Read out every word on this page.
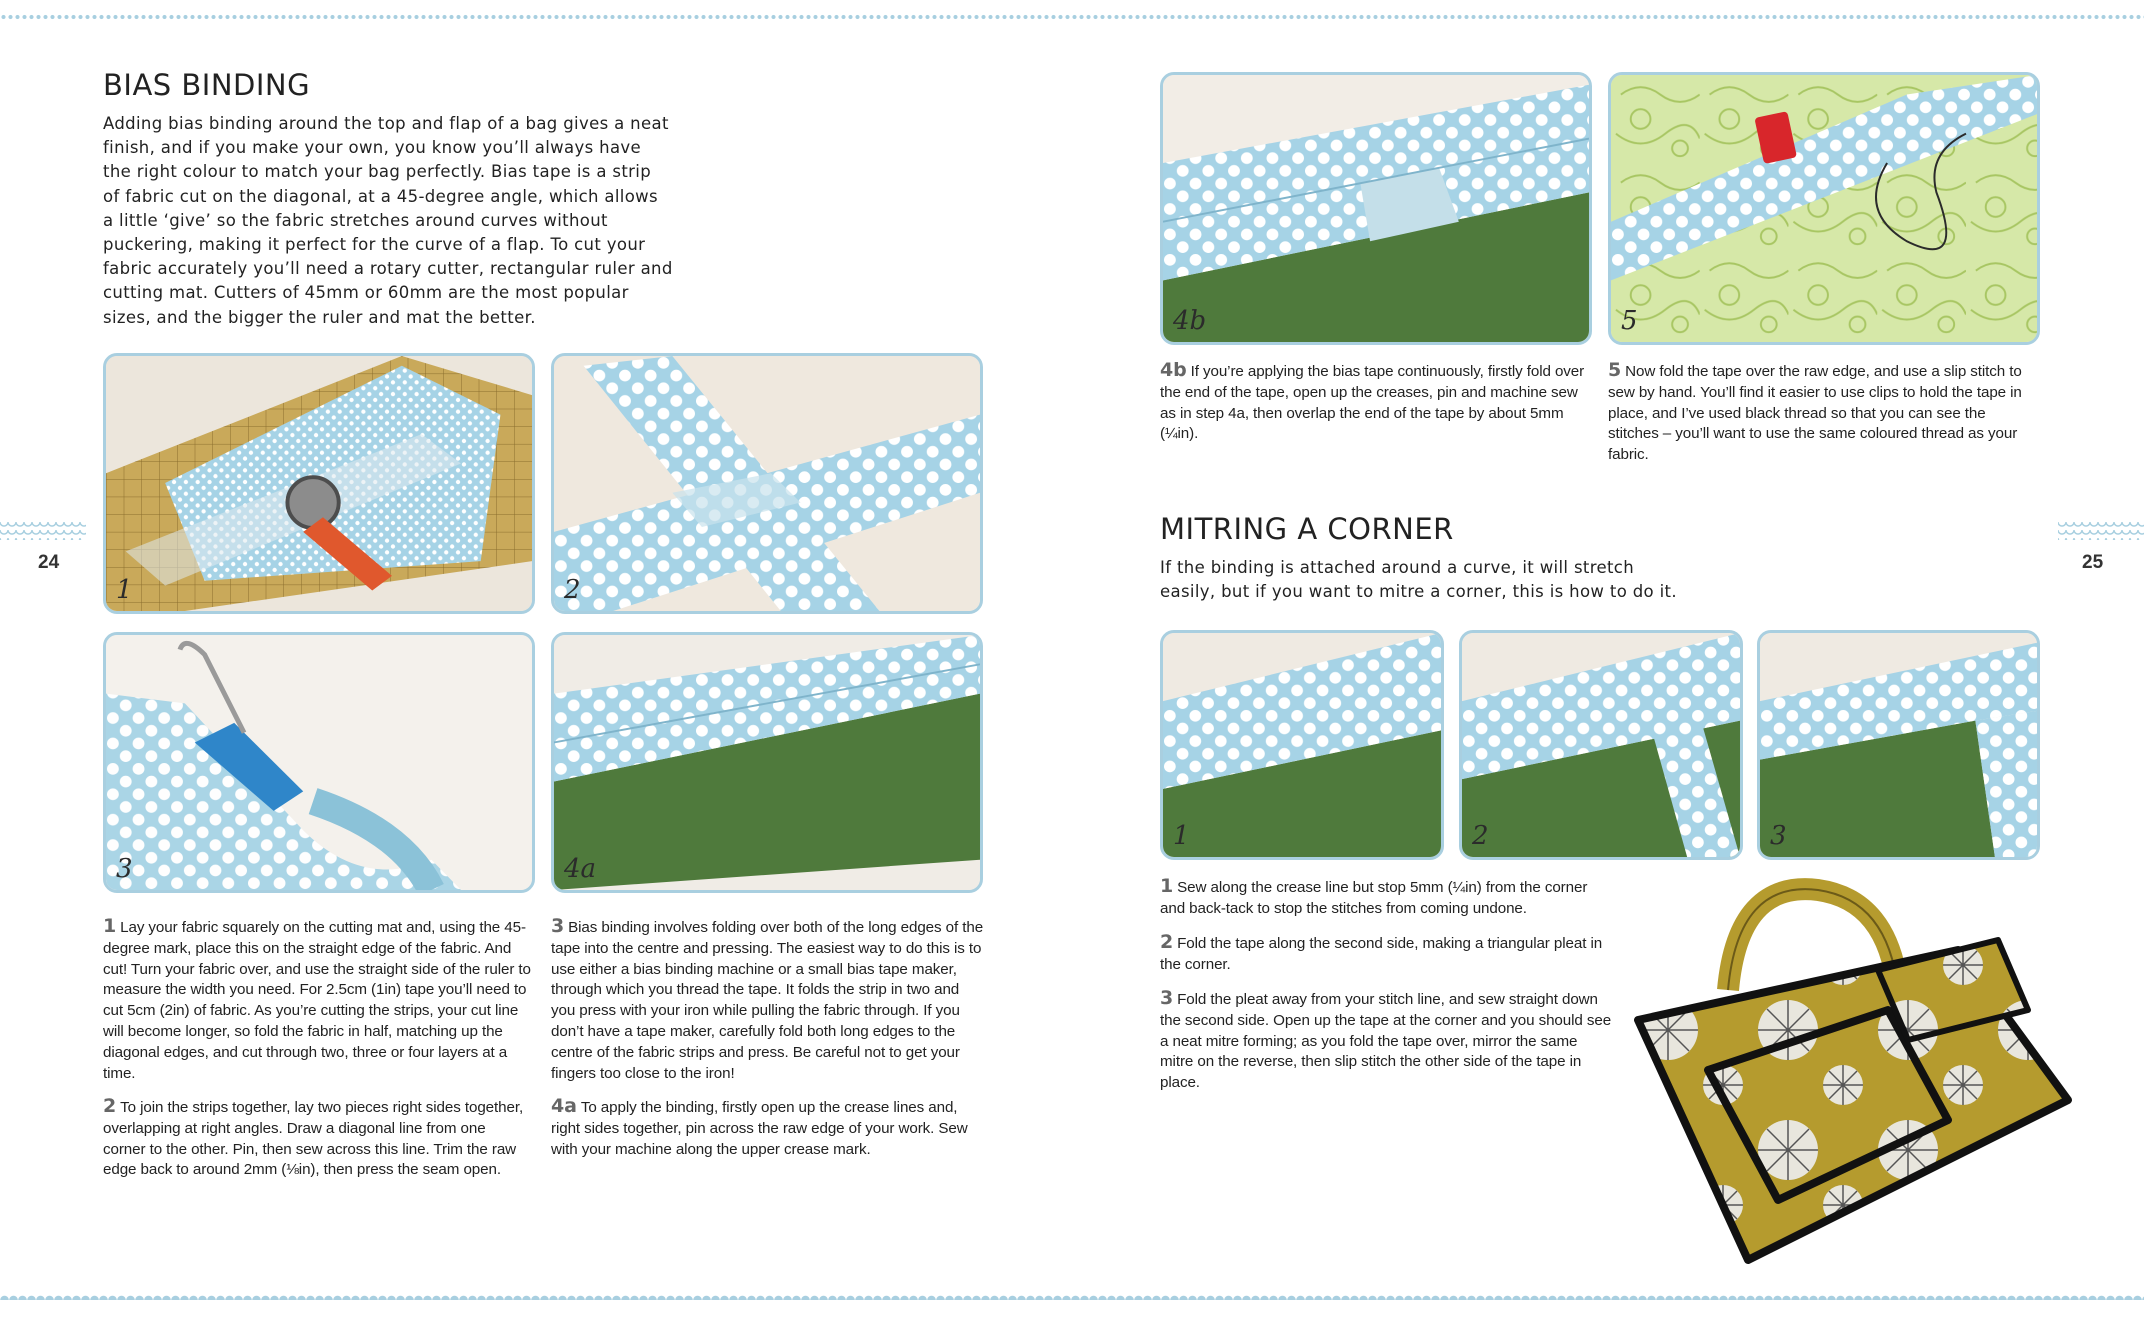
24	25
BIAS BINDING

Adding bias binding around the top and flap of a bag gives a neat finish, and if you make your own, you know you’ll always have the right colour to match your bag perfectly. Bias tape is a strip of fabric cut on the diagonal, at a 45-degree angle, which allows a little ‘give’ so the fabric stretches around curves without puckering, making it perfect for the curve of a flap. To cut your fabric accurately you’ll need a rotary cutter, rectangular ruler and cutting mat. Cutters of 45mm or 60mm are the most popular sizes, and the bigger the ruler and mat the better.

1	2
3	4a

1 Lay your fabric squarely on the cutting mat and, using the 45-degree mark, place this on the straight edge of the fabric. And cut! Turn your fabric over, and use the straight side of the ruler to measure the width you need. For 2.5cm (1in) tape you’ll need to cut 5cm (2in) of fabric. As you’re cutting the strips, your cut line will become longer, so fold the fabric in half, matching up the diagonal edges, and cut through two, three or four layers at a time.

2 To join the strips together, lay two pieces right sides together, overlapping at right angles. Draw a diagonal line from one corner to the other. Pin, then sew across this line. Trim the raw edge back to around 2mm (⅛in), then press the seam open.

3 Bias binding involves folding over both of the long edges of the tape into the centre and pressing. The easiest way to do this is to use either a bias binding machine or a small bias tape maker, through which you thread the tape. It folds the strip in two and you press with your iron while pulling the fabric through. If you don’t have a tape maker, carefully fold both long edges to the centre of the fabric strips and press. Be careful not to get your fingers too close to the iron!

4a To apply the binding, firstly open up the crease lines and, right sides together, pin across the raw edge of your work. Sew with your machine along the upper crease mark.

4b	5

4b If you’re applying the bias tape continuously, firstly fold over the end of the tape, open up the creases, pin and machine sew as in step 4a, then overlap the end of the tape by about 5mm (¼in).

5 Now fold the tape over the raw edge, and use a slip stitch to sew by hand. You’ll find it easier to use clips to hold the tape in place, and I’ve used black thread so that you can see the stitches – you’ll want to use the same coloured thread as your fabric.

MITRING A CORNER

If the binding is attached around a curve, it will stretch easily, but if you want to mitre a corner, this is how to do it.

1	2	3

1 Sew along the crease line but stop 5mm (¼in) from the corner and back-tack to stop the stitches from coming undone.

2 Fold the tape along the second side, making a triangular pleat in the corner.

3 Fold the pleat away from your stitch line, and sew straight down the second side. Open up the tape at the corner and you should see a neat mitre forming; as you fold the tape over, mirror the same mitre on the reverse, then slip stitch the other side of the tape in place.
